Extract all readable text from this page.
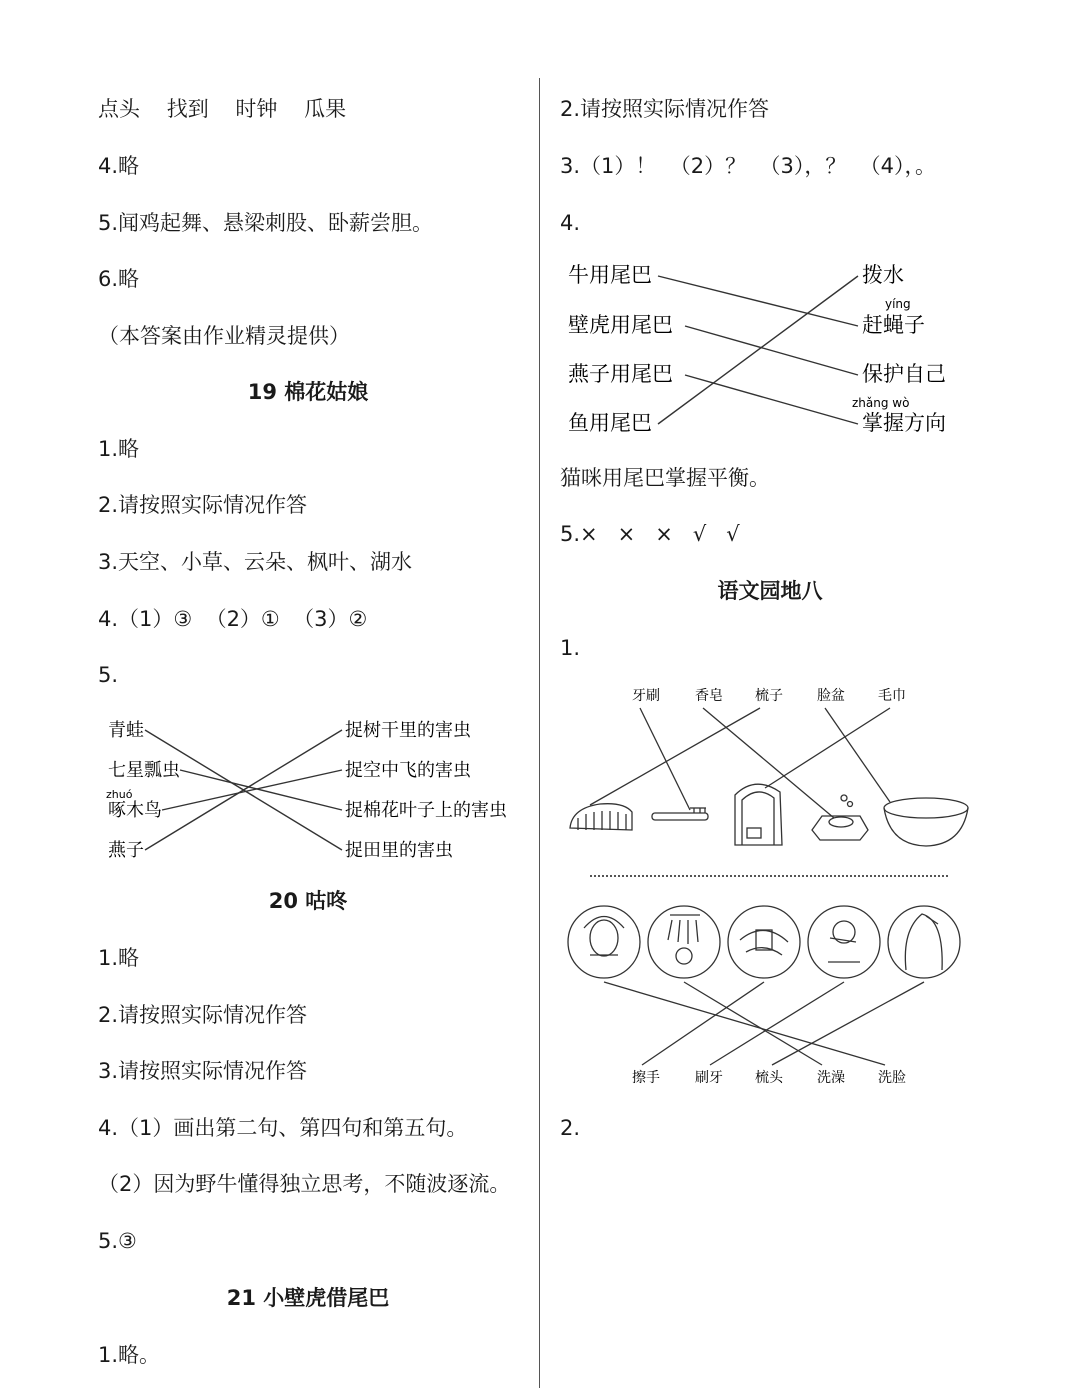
点头    找到    时钟    瓜果
4.略
5.闻鸡起舞、悬梁刺股、卧薪尝胆。
6.略
（本答案由作业精灵提供）
19 棉花姑娘
1.略
2.请按照实际情况作答
3.天空、小草、云朵、枫叶、湖水
4.（1）③  （2）①  （3）②
5.
青蛙
七星瓢虫
zhuó
啄木鸟
燕子
捉树干里的害虫
捉空中飞的害虫
捉棉花叶子上的害虫
捉田里的害虫
20 咕咚
1.略
2.请按照实际情况作答
3.请按照实际情况作答
4.（1）画出第二句、第四句和第五句。
（2）因为野牛懂得独立思考，不随波逐流。
5.③
21 小壁虎借尾巴
1.略。
2.请按照实际情况作答
3.（1）！  （2）？  （3），？  （4），。
4.
牛用尾巴
壁虎用尾巴
燕子用尾巴
鱼用尾巴
拨水
yíng
赶蝇子
保护自己
zhǎng wò
掌握方向
猫咪用尾巴掌握平衡。
5.×   ×   ×   √   √
语文园地八
1.
牙刷	香皂 梳子 脸盆 毛巾
擦手	刷牙 梳头 洗澡 洗脸
2.
